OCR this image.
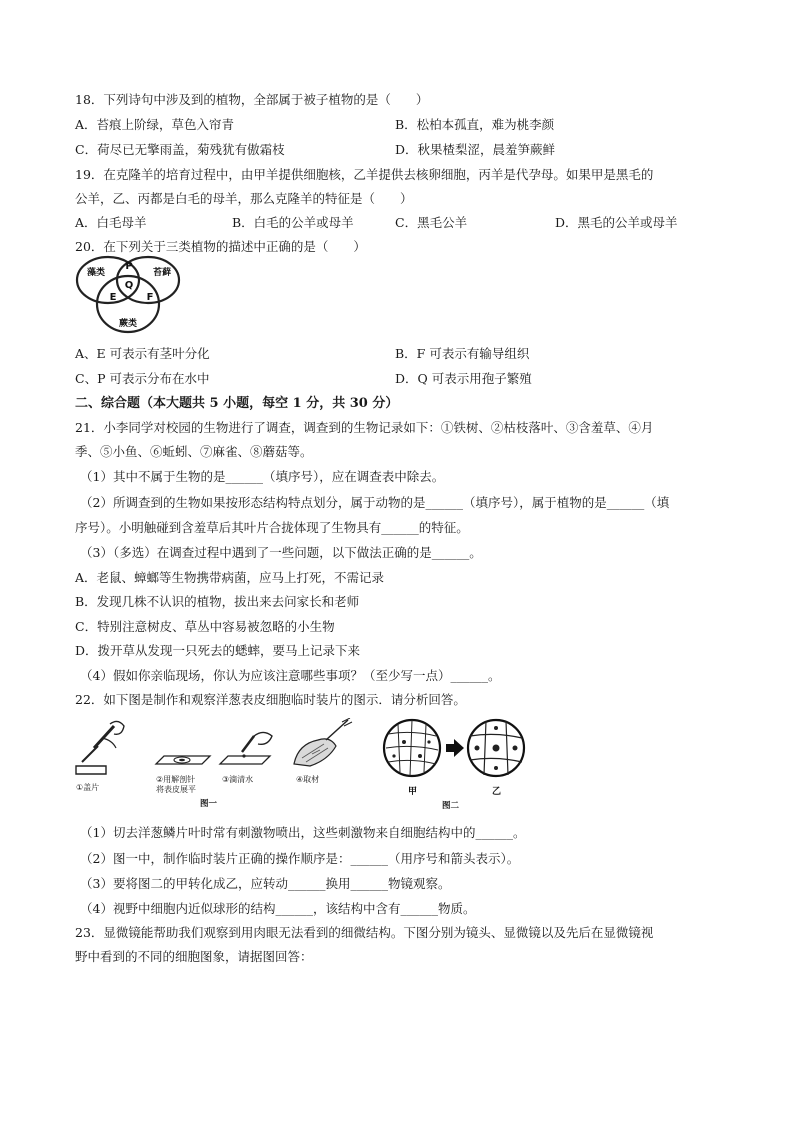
18．下列诗句中涉及到的植物，全部属于被子植物的是（　　）
A．苔痕上阶绿，草色入帘青	B．松柏本孤直，难为桃李颜
C．荷尽已无擎雨盖，菊残犹有傲霜枝	D．秋果楂梨涩，晨羞笋蕨鲜
19．在克隆羊的培育过程中，由甲羊提供细胞核，乙羊提供去核卵细胞，丙羊是代孕母。如果甲是黑毛的
公羊，乙、丙都是白毛的母羊，那么克隆羊的特征是（　　）
A．白毛母羊	B．白毛的公羊或母羊	C．黑毛公羊	D．黑毛的公羊或母羊
20．在下列关于三类植物的描述中正确的是（　　）
藻类	苔藓
蕨类
P
Q
E	F
A、E 可表示有茎叶分化	B．F 可表示有输导组织
C、P 可表示分布在水中	D．Q 可表示用孢子繁殖
二、综合题（本大题共 5 小题，每空 1 分，共 30 分）
21．小李同学对校园的生物进行了调查，调查到的生物记录如下：①铁树、②枯枝落叶、③含羞草、④月
季、⑤小鱼、⑥蚯蚓、⑦麻雀、⑧蘑菇等。
（1）其中不属于生物的是______（填序号），应在调查表中除去。
（2）所调查到的生物如果按形态结构特点划分，属于动物的是______（填序号），属于植物的是______（填
序号）。小明触碰到含羞草后其叶片合拢体现了生物具有______的特征。
（3）（多选）在调查过程中遇到了一些问题，以下做法正确的是______。
A．老鼠、蟑螂等生物携带病菌，应马上打死，不需记录
B．发现几株不认识的植物，拔出来去问家长和老师
C．特别注意树皮、草丛中容易被忽略的小生物
D．拨开草从发现一只死去的蟋蟀，要马上记录下来
（4）假如你亲临现场，你认为应该注意哪些事项？（至少写一点）______。
22．如下图是制作和观察洋葱表皮细胞临时装片的图示．请分析回答。
①盖片
②用解剖针
将表皮展平
③滴清水	④取材
图一
甲	乙
图二
（1）切去洋葱鳞片叶时常有刺激物喷出，这些刺激物来自细胞结构中的______。
（2）图一中，制作临时装片正确的操作顺序是：______（用序号和箭头表示）。
（3）要将图二的甲转化成乙，应转动______换用______物镜观察。
（4）视野中细胞内近似球形的结构______，该结构中含有______物质。
23．显微镜能帮助我们观察到用肉眼无法看到的细微结构。下图分别为镜头、显微镜以及先后在显微镜视
野中看到的不同的细胞图象，请据图回答：
